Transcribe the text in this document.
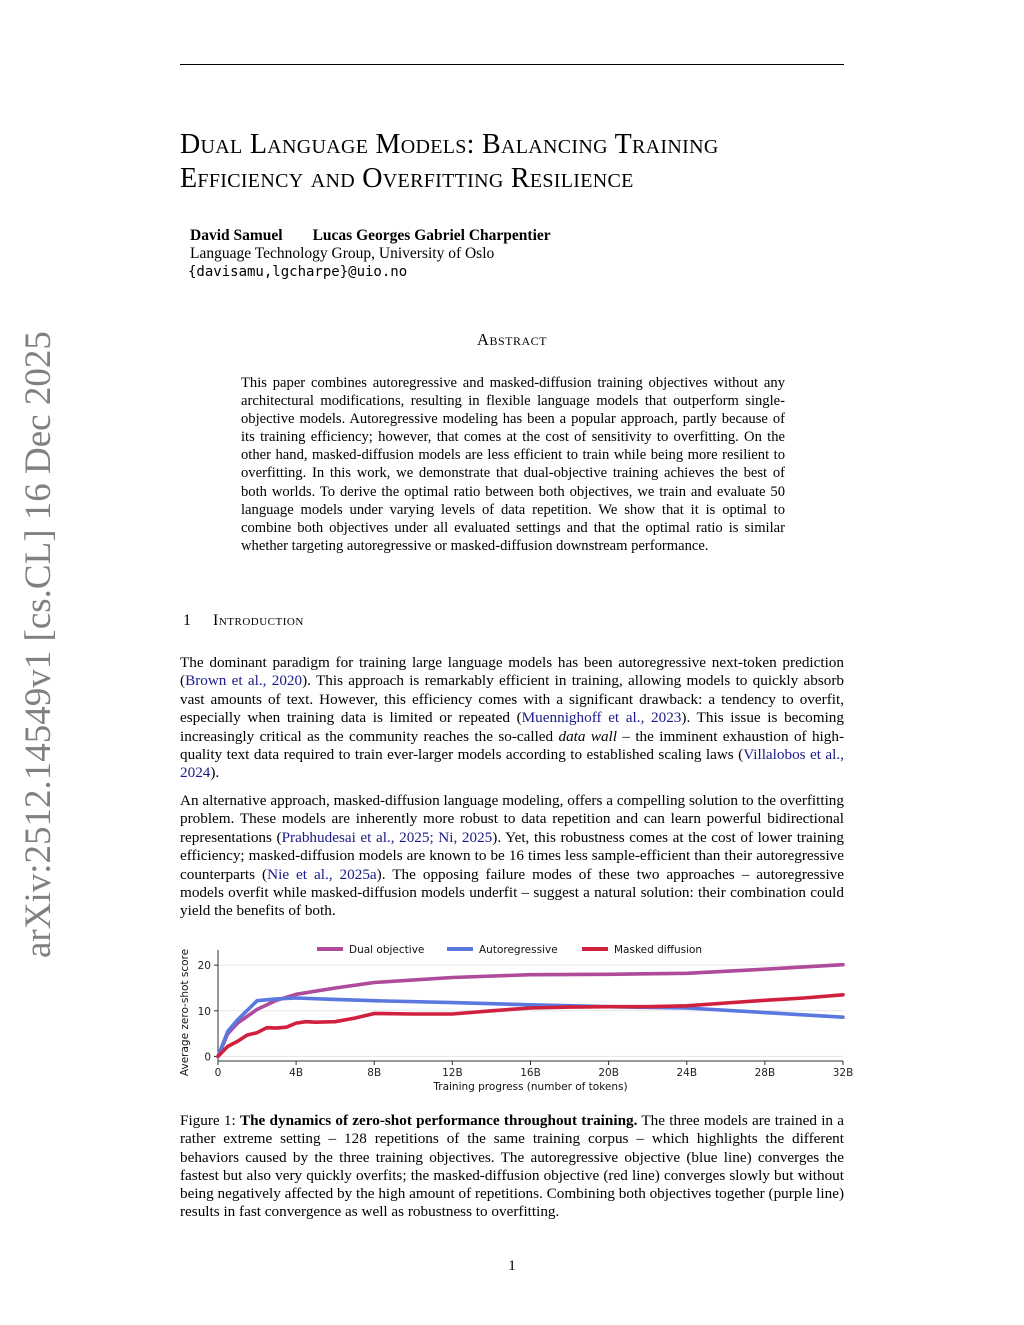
arXiv:2512.14549v1 [cs.CL] 16 Dec 2025
Dual Language Models: Balancing Training
Efficiency and Overfitting Resilience
David Samuel Lucas Georges Gabriel Charpentier
Language Technology Group, University of Oslo
{davisamu,lgcharpe}@uio.no
Abstract
This paper combines autoregressive and masked-diffusion training objectives without any architectural modifications, resulting in flexible language models that outperform single-objective models. Autoregressive modeling has been a popular approach, partly because of its training efficiency; however, that comes at the cost of sensitivity to overfitting. On the other hand, masked-diffusion models are less efficient to train while being more resilient to overfitting. In this work, we demonstrate that dual-objective training achieves the best of both worlds. To derive the optimal ratio between both objectives, we train and evaluate 50 language models under varying levels of data repetition. We show that it is optimal to combine both objectives under all evaluated settings and that the optimal ratio is similar whether targeting autoregressive or masked-diffusion downstream performance.
1 Introduction
The dominant paradigm for training large language models has been autoregressive next-token prediction (Brown et al., 2020). This approach is remarkably efficient in training, allowing models to quickly absorb vast amounts of text. However, this efficiency comes with a significant drawback: a tendency to overfit, especially when training data is limited or repeated (Muennighoff et al., 2023). This issue is becoming increasingly critical as the community reaches the so-called data wall – the imminent exhaustion of high-quality text data required to train ever-larger models according to established scaling laws (Villalobos et al., 2024).
An alternative approach, masked-diffusion language modeling, offers a compelling solution to the overfitting problem. These models are inherently more robust to data repetition and can learn powerful bidirectional representations (Prabhudesai et al., 2025; Ni, 2025). Yet, this robustness comes at the cost of lower training efficiency; masked-diffusion models are known to be 16 times less sample-efficient than their autoregressive counterparts (Nie et al., 2025a). The opposing failure modes of these two approaches – autoregressive models overfit while masked-diffusion models underfit – suggest a natural solution: their combination could yield the benefits of both.
0
10
20
0	4B	8B	12B	16B	20B	24B	28B	32B
Training progress (number of tokens)
Average zero-shot score	Dual objective	Autoregressive	Masked diffusion
Figure 1: The dynamics of zero-shot performance throughout training. The three models are trained in a rather extreme setting – 128 repetitions of the same training corpus – which highlights the different behaviors caused by the three training objectives. The autoregressive objective (blue line) converges the fastest but also very quickly overfits; the masked-diffusion objective (red line) converges slowly but without being negatively affected by the high amount of repetitions. Combining both objectives together (purple line) results in fast convergence as well as robustness to overfitting.
1
